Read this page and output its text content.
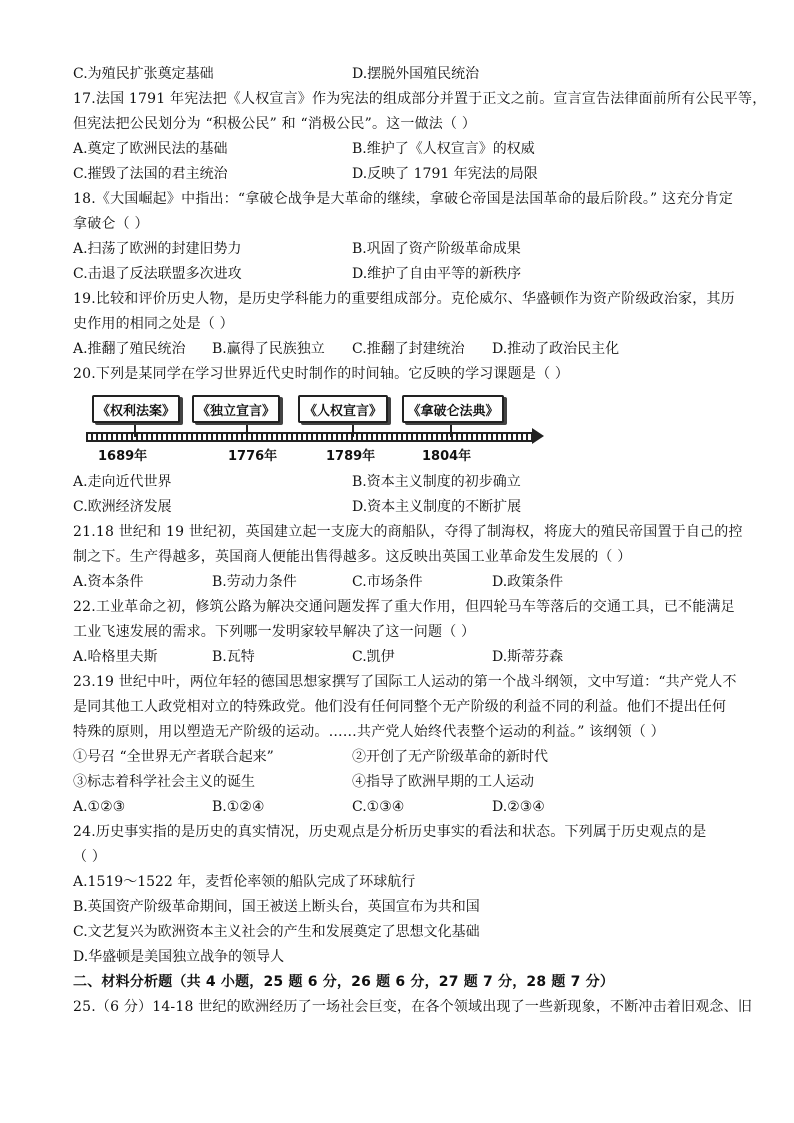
C.为殖民扩张奠定基础	D.摆脱外国殖民统治
17.法国 1791 年宪法把《人权宣言》作为宪法的组成部分并置于正文之前。宣言宣告法律面前所有公民平等，
但宪法把公民划分为 “积极公民” 和 “消极公民”。这一做法（ ）
A.奠定了欧洲民法的基础	B.维护了《人权宣言》的权威
C.摧毁了法国的君主统治	D.反映了 1791 年宪法的局限
18.《大国崛起》中指出：“拿破仑战争是大革命的继续，拿破仑帝国是法国革命的最后阶段。” 这充分肯定
拿破仑（ ）
A.扫荡了欧洲的封建旧势力	B.巩固了资产阶级革命成果
C.击退了反法联盟多次进攻	D.维护了自由平等的新秩序
19.比较和评价历史人物，是历史学科能力的重要组成部分。克伦威尔、华盛顿作为资产阶级政治家，其历
史作用的相同之处是（ ）
A.推翻了殖民统治 B.赢得了民族独立 C.推翻了封建统治 D.推动了政治民主化
20.下列是某同学在学习世界近代史时制作的时间轴。它反映的学习课题是（ ）
《权利法案》	《独立宣言》	《人权宣言》	《拿破仑法典》
1689年	1776年	1789年	1804年
A.走向近代世界	B.资本主义制度的初步确立
C.欧洲经济发展	D.资本主义制度的不断扩展
21.18 世纪和 19 世纪初，英国建立起一支庞大的商船队，夺得了制海权，将庞大的殖民帝国置于自己的控
制之下。生产得越多，英国商人便能出售得越多。这反映出英国工业革命发生发展的（ ）
A.资本条件	B.劳动力条件	C.市场条件	D.政策条件
22.工业革命之初，修筑公路为解决交通问题发挥了重大作用，但四轮马车等落后的交通工具，已不能满足
工业飞速发展的需求。下列哪一发明家较早解决了这一问题（ ）
A.哈格里夫斯	B.瓦特	C.凯伊	D.斯蒂芬森
23.19 世纪中叶，两位年轻的德国思想家撰写了国际工人运动的第一个战斗纲领，文中写道：“共产党人不
是同其他工人政党相对立的特殊政党。他们没有任何同整个无产阶级的利益不同的利益。他们不提出任何
特殊的原则，用以塑造无产阶级的运动。……共产党人始终代表整个运动的利益。” 该纲领（ ）
①号召 “全世界无产者联合起来”	②开创了无产阶级革命的新时代
③标志着科学社会主义的诞生	④指导了欧洲早期的工人运动
A.①②③	B.①②④	C.①③④	D.②③④
24.历史事实指的是历史的真实情况，历史观点是分析历史事实的看法和状态。下列属于历史观点的是
（ ）
A.1519～1522 年，麦哲伦率领的船队完成了环球航行
B.英国资产阶级革命期间，国王被送上断头台，英国宣布为共和国
C.文艺复兴为欧洲资本主义社会的产生和发展奠定了思想文化基础
D.华盛顿是美国独立战争的领导人
二、材料分析题（共 4 小题，25 题 6 分，26 题 6 分，27 题 7 分，28 题 7 分）
25.（6 分）14-18 世纪的欧洲经历了一场社会巨变，在各个领域出现了一些新现象，不断冲击着旧观念、旧
